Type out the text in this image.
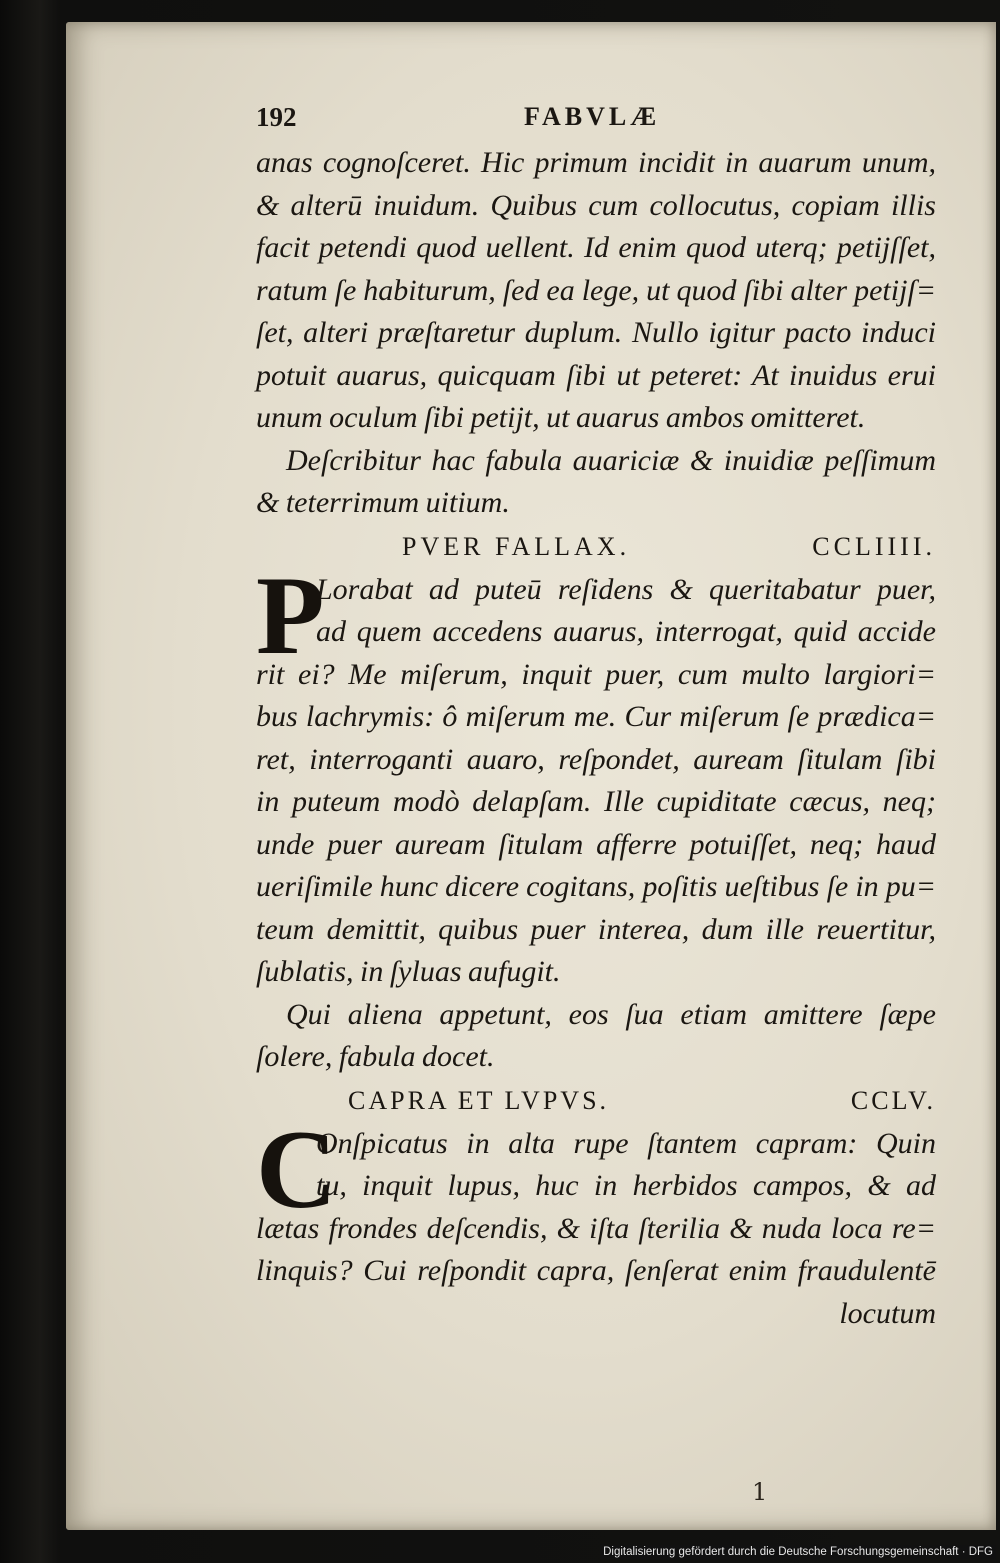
192	FABVLÆ
anas cognoſceret. Hic primum incidit in auarum unum,
& alterū inuidum. Quibus cum collocutus, copiam illis
facit petendi quod uellent. Id enim quod uterq; petijſſet,
ratum ſe habiturum, ſed ea lege, ut quod ſibi alter petijſ=
ſet, alteri præſtaretur duplum. Nullo igitur pacto induci
potuit auarus, quicquam ſibi ut peteret: At inuidus erui
unum oculum ſibi petijt, ut auarus ambos omitteret.
Deſcribitur hac fabula auariciæ & inuidiæ peſſimum
& teterrimum uitium.
PVER FALLAX.	CCLIIII.
P
Lorabat ad puteū reſidens & queritabatur puer,
ad quem accedens auarus, interrogat, quid accide
rit ei? Me miſerum, inquit puer, cum multo largiori=
bus lachrymis: ô miſerum me. Cur miſerum ſe prædica=
ret, interroganti auaro, reſpondet, auream ſitulam ſibi
in puteum modò delapſam. Ille cupiditate cæcus, neq;
unde puer auream ſitulam afferre potuiſſet, neq; haud
ueriſimile hunc dicere cogitans, poſitis ueſtibus ſe in pu=
teum demittit, quibus puer interea, dum ille reuertitur,
ſublatis, in ſyluas aufugit.
Qui aliena appetunt, eos ſua etiam amittere ſæpe
ſolere, fabula docet.
CAPRA ET LVPVS.	CCLV.
C
Onſpicatus in alta rupe ſtantem capram: Quin
tu, inquit lupus, huc in herbidos campos, & ad
lætas frondes deſcendis, & iſta ſterilia & nuda loca re=
linquis? Cui reſpondit capra, ſenſerat enim fraudulentē
locutum
1
Digitalisierung gefördert durch die Deutsche Forschungsgemeinschaft · DFG
